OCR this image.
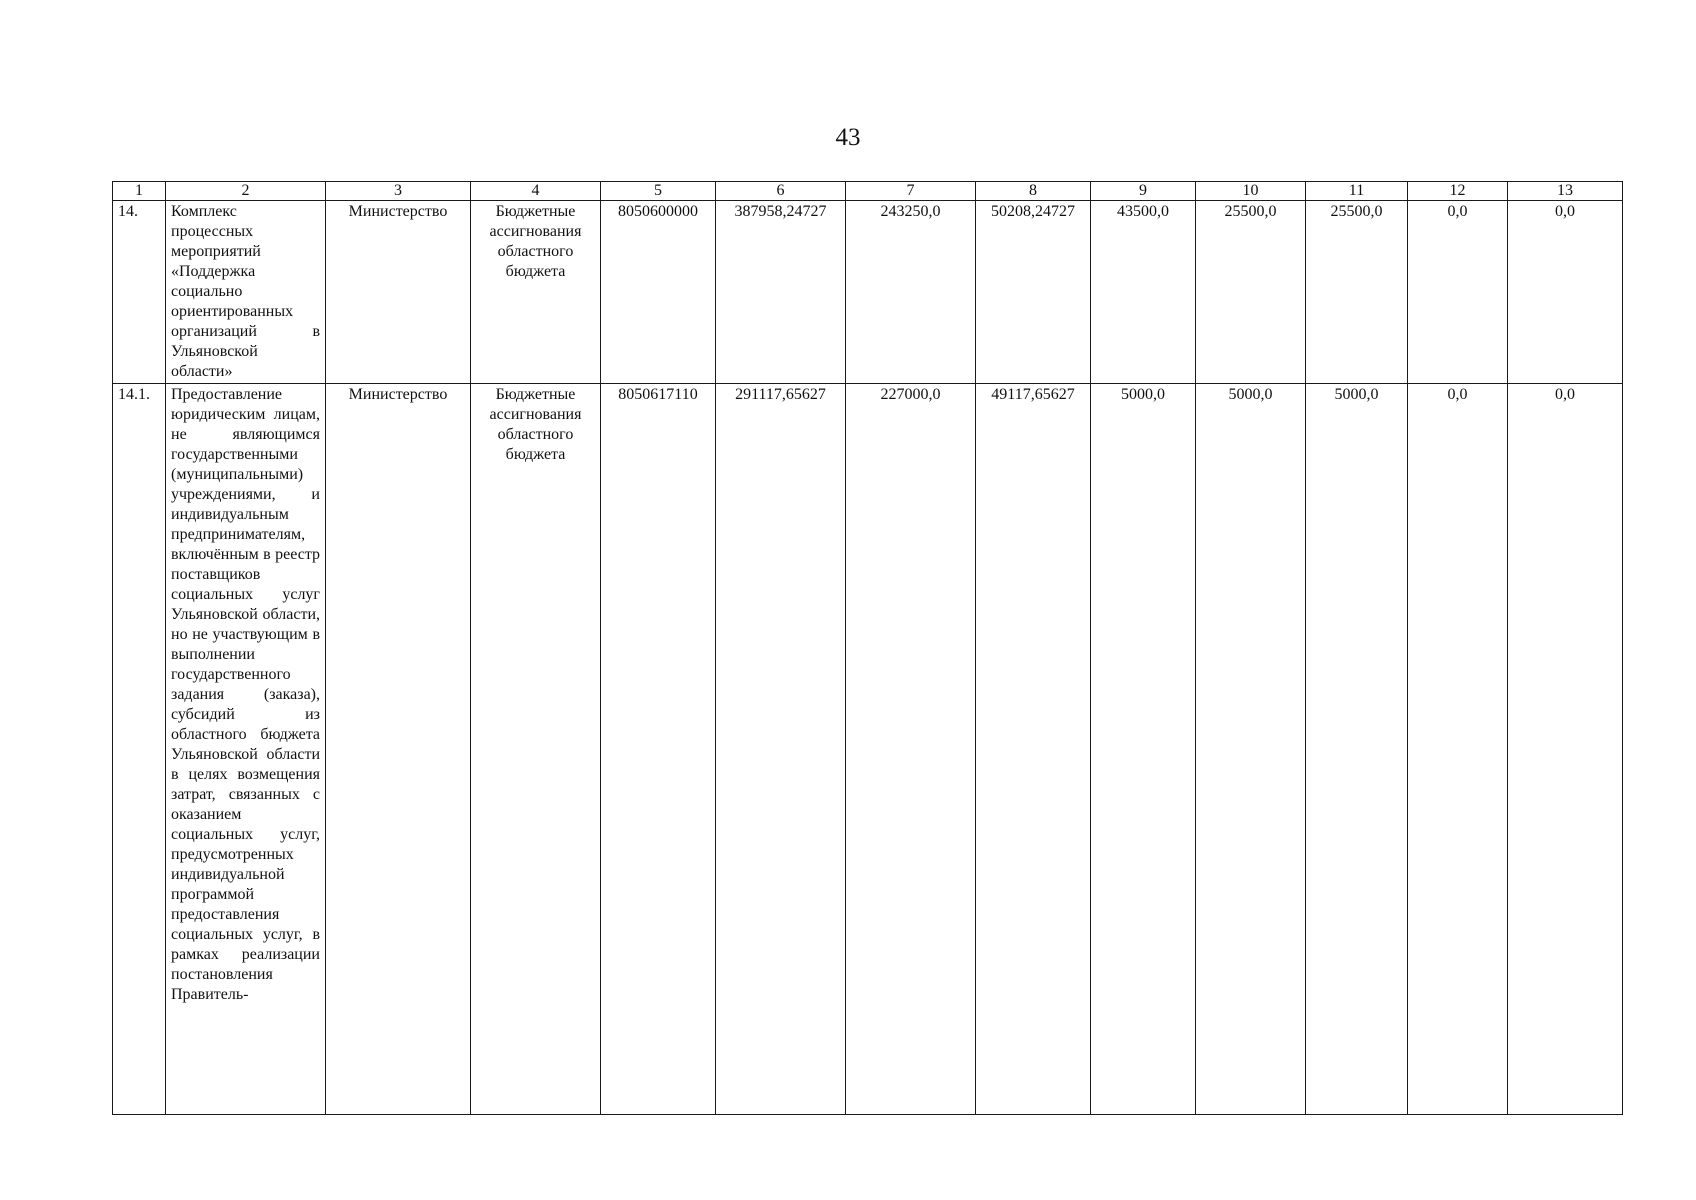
43
1	2	3	4	5	6	7	8	9	10	11	12	13
14.	Комплекс процессных мероприятий «Поддержка социально ориентированных организаций в Ульяновской области»	Министерство	Бюджетные ассигнования областного бюджета	8050600000	387958,24727	243250,0	50208,24727	43500,0	25500,0	25500,0	0,0	0,0
14.1.	Предоставление юридическим лицам, не являющимся государственными (муниципальными) учреждениями, и индивидуальным предпринимателям, включённым в реестр поставщиков социальных услуг Ульяновской области, но не участвующим в выполнении государственного задания (заказа), субсидий из областного бюджета Ульяновской области в целях возмещения затрат, связанных с оказанием социальных услуг, предусмотренных индивидуальной программой предоставления социальных услуг, в рамках реализации постановления Правитель-	Министерство	Бюджетные ассигнования областного бюджета	8050617110	291117,65627	227000,0	49117,65627	5000,0	5000,0	5000,0	0,0	0,0
